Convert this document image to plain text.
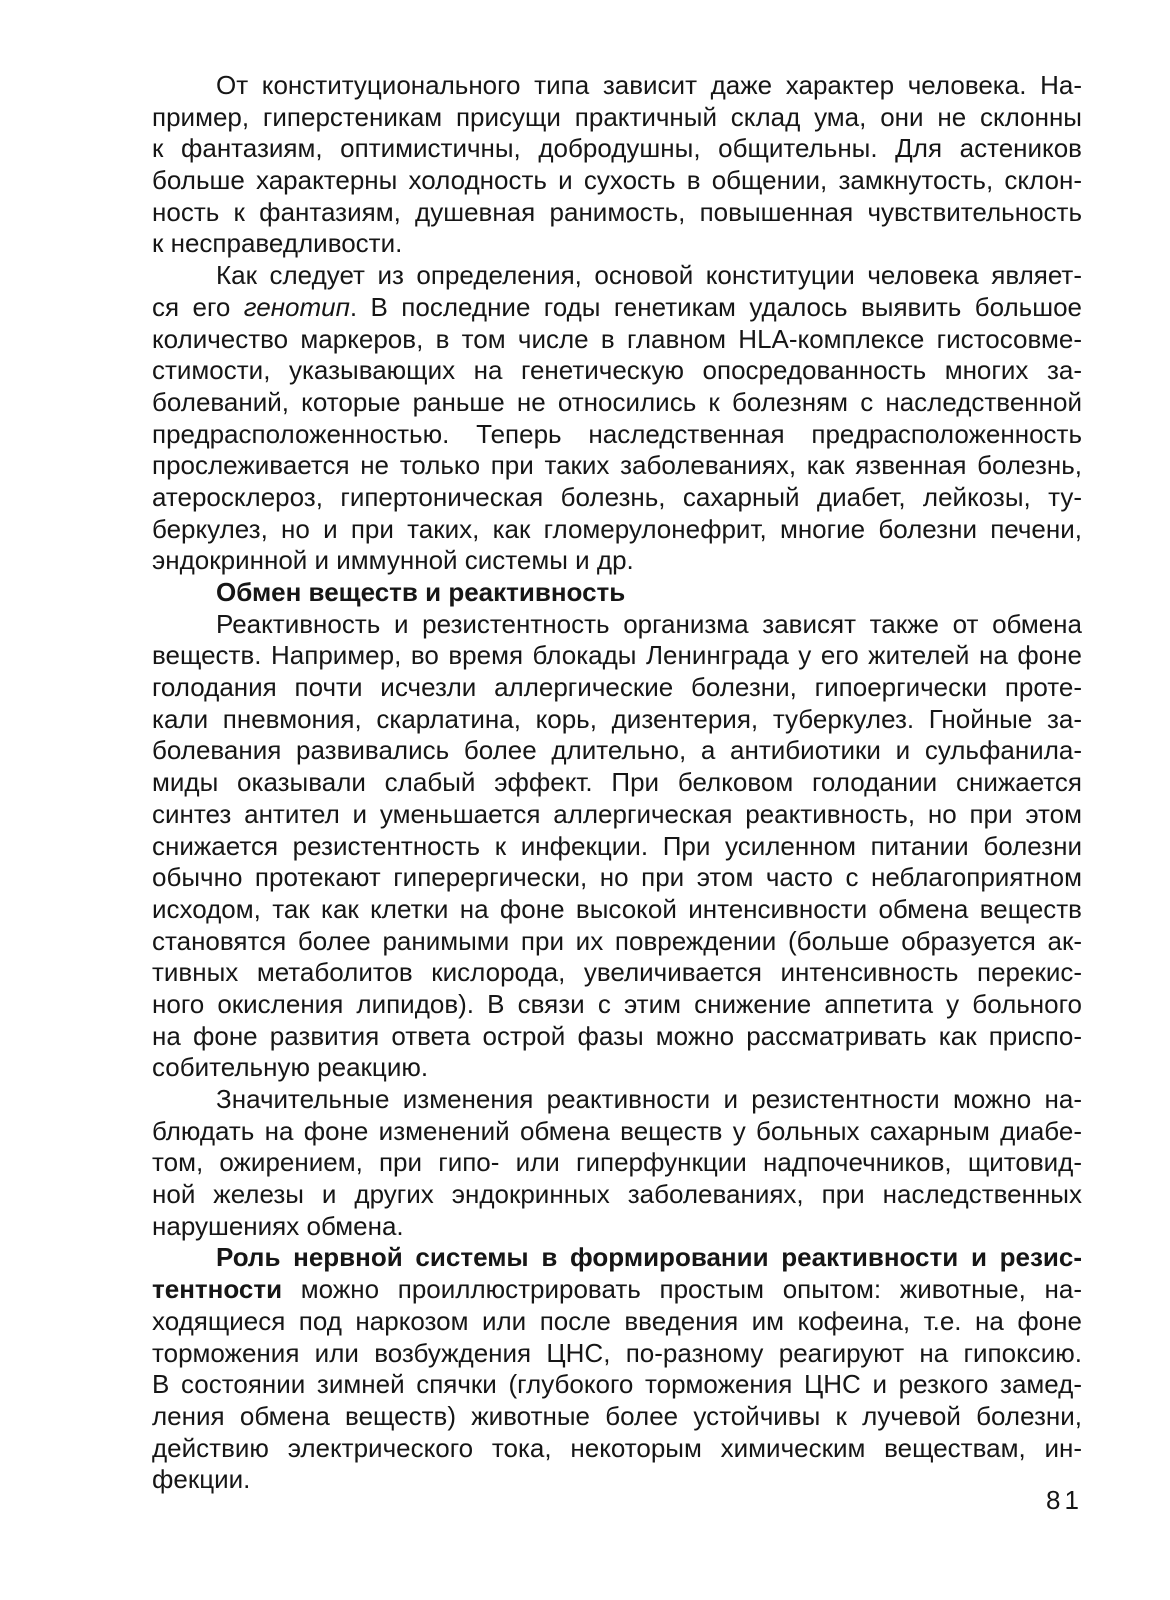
От конституционального типа зависит даже характер человека. На-
пример, гиперстеникам присущи практичный склад ума, они не склонны
к фантазиям, оптимистичны, добродушны, общительны. Для астеников
больше характерны холодность и сухость в общении, замкнутость, склон-
ность к фантазиям, душевная ранимость, повышенная чувствительность
к несправедливости.
Как следует из определения, основой конституции человека являет-
ся его генотип. В последние годы генетикам удалось выявить большое
количество маркеров, в том числе в главном HLA-комплексе гистосовме-
стимости, указывающих на генетическую опосредованность многих за-
болеваний, которые раньше не относились к болезням с наследственной
предрасположенностью. Теперь наследственная предрасположенность
прослеживается не только при таких заболеваниях, как язвенная болезнь,
атеросклероз, гипертоническая болезнь, сахарный диабет, лейкозы, ту-
беркулез, но и при таких, как гломерулонефрит, многие болезни печени,
эндокринной и иммунной системы и др.
Обмен веществ и реактивность
Реактивность и резистентность организма зависят также от обмена
веществ. Например, во время блокады Ленинграда у его жителей на фоне
голодания почти исчезли аллергические болезни, гипоергически проте-
кали пневмония, скарлатина, корь, дизентерия, туберкулез. Гнойные за-
болевания развивались более длительно, а антибиотики и сульфанила-
миды оказывали слабый эффект. При белковом голодании снижается
синтез антител и уменьшается аллергическая реактивность, но при этом
снижается резистентность к инфекции. При усиленном питании болезни
обычно протекают гиперергически, но при этом часто с неблагоприятном
исходом, так как клетки на фоне высокой интенсивности обмена веществ
становятся более ранимыми при их повреждении (больше образуется ак-
тивных метаболитов кислорода, увеличивается интенсивность перекис-
ного окисления липидов). В связи с этим снижение аппетита у больного
на фоне развития ответа острой фазы можно рассматривать как приспо-
собительную реакцию.
Значительные изменения реактивности и резистентности можно на-
блюдать на фоне изменений обмена веществ у больных сахарным диабе-
том, ожирением, при гипо- или гиперфункции надпочечников, щитовид-
ной железы и других эндокринных заболеваниях, при наследственных
нарушениях обмена.
Роль нервной системы в формировании реактивности и резис-
тентности можно проиллюстрировать простым опытом: животные, на-
ходящиеся под наркозом или после введения им кофеина, т.е. на фоне
торможения или возбуждения ЦНС, по-разному реагируют на гипоксию.
В состоянии зимней спячки (глубокого торможения ЦНС и резкого замед-
ления обмена веществ) животные более устойчивы к лучевой болезни,
действию электрического тока, некоторым химическим веществам, ин-
фекции.
81
